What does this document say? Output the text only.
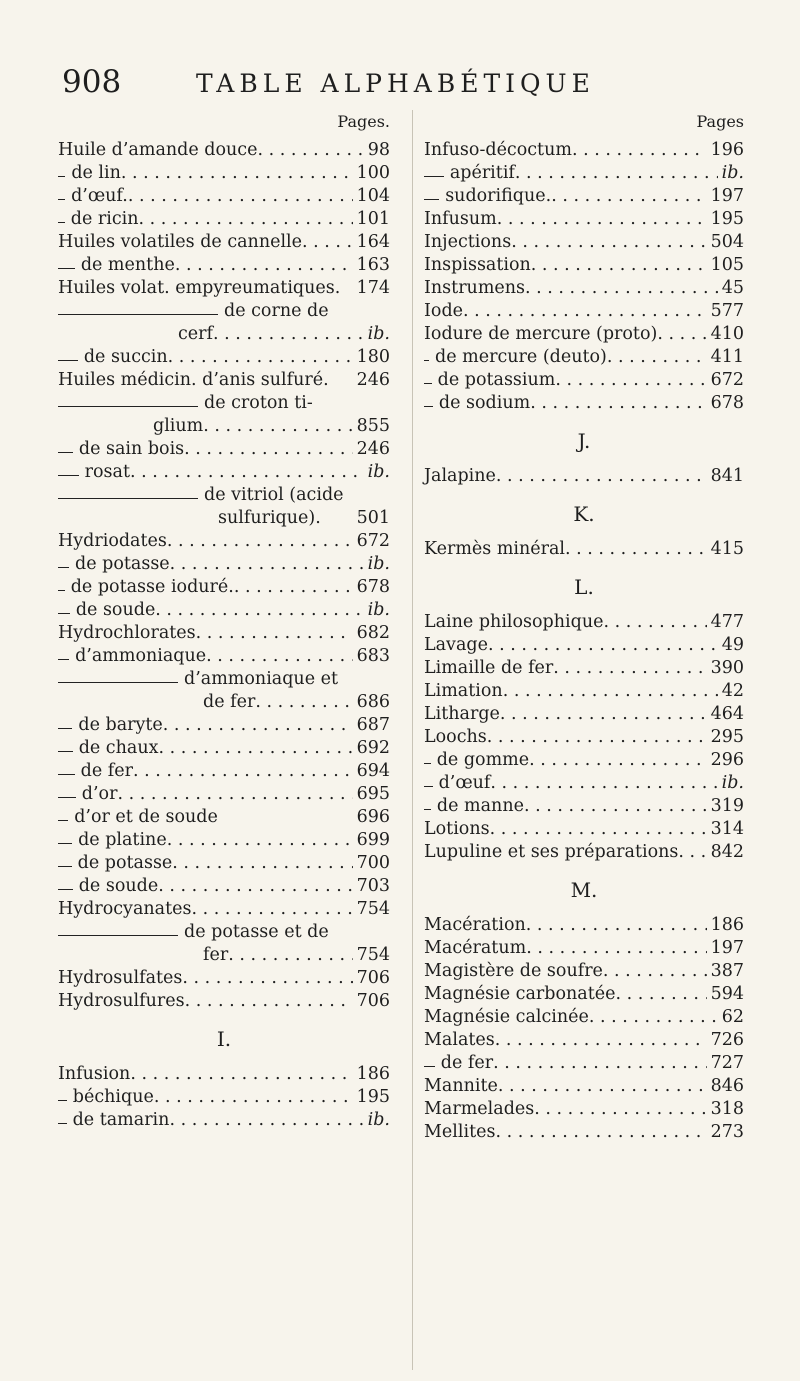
908	TABLE ALPHABÉTIQUE
Pages.
Huile d’amande douce . . .	98
de lin . . .	100
d’œuf. . . .	104
de ricin . . .	101
Huiles volatiles de cannelle . . .	164
de menthe . . .	163
Huiles volat. empyreumatiques. 174
de corne de
cerf . . .	ib.
de succin . . .	180
Huiles médicin. d’anis sulfuré. 246
de croton ti-
glium . . .	855
de sain bois . . .	246
rosat . . .	ib.
de vitriol (acide
sulfurique). 501
Hydriodates . . .	672
de potasse . . .	ib.
de potasse ioduré. . . .	678
de soude . . .	ib.
Hydrochlorates . . .	682
d’ammoniaque . . .	683
d’ammoniaque et
de fer . . .	686
de baryte . . .	687
de chaux . . .	692
de fer . . .	694
d’or . . .	695
d’or et de soude	696
de platine . . .	699
de potasse . . .	700
de soude . . .	703
Hydrocyanates . . .	754
de potasse et de
fer . . .	754
Hydrosulfates . . .	706
Hydrosulfures . . .	706
I.
Infusion . . .	186
béchique . . .	195
de tamarin . . .	ib.
Pages
Infuso-décoctum . . .	196
apéritif . . .	ib.
sudorifique. . . .	197
Infusum . . .	195
Injections . . .	504
Inspissation . . .	105
Instrumens . . .	45
Iode . . .	577
Iodure de mercure (proto) . . .	410
de mercure (deuto) . . .	411
de potassium . . .	672
de sodium . . .	678
J.
Jalapine . . .	841
K.
Kermès minéral . . .	415
L.
Laine philosophique . . .	477
Lavage . . .	49
Limaille de fer . . .	390
Limation . . .	42
Litharge . . .	464
Loochs . . .	295
de gomme . . .	296
d’œuf . . .	ib.
de manne . . .	319
Lotions . . .	314
Lupuline et ses préparations . . . 842
M.
Macération . . .	186
Macératum . . .	197
Magistère de soufre . . .	387
Magnésie carbonatée . . .	594
Magnésie calcinée . . .	62
Malates . . .	726
de fer . . .	727
Mannite . . .	846
Marmelades . . .	318
Mellites . . .	273
